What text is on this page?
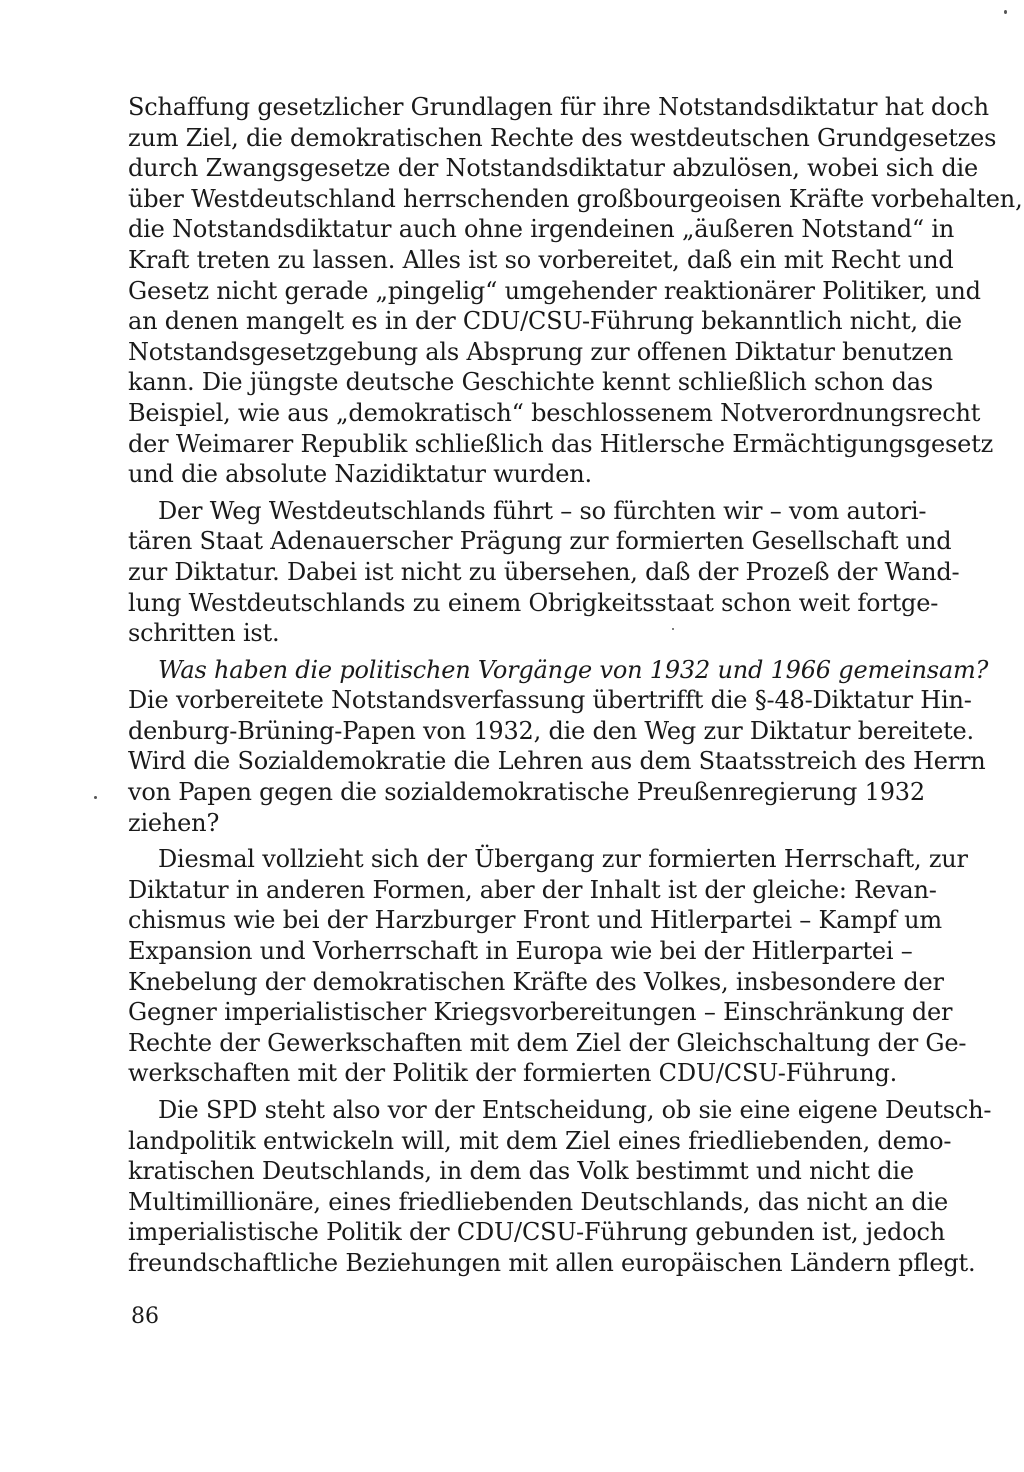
Schaffung gesetzlicher Grundlagen für ihre Notstandsdiktatur hat doch
zum Ziel, die demokratischen Rechte des westdeutschen Grundgesetzes
durch Zwangsgesetze der Notstandsdiktatur abzulösen, wobei sich die
über Westdeutschland herrschenden großbourgeoisen Kräfte vorbehalten,
die Notstandsdiktatur auch ohne irgendeinen „äußeren Notstand“ in
Kraft treten zu lassen. Alles ist so vorbereitet, daß ein mit Recht und
Gesetz nicht gerade „pingelig“ umgehender reaktionärer Politiker, und
an denen mangelt es in der CDU/CSU-Führung bekanntlich nicht, die
Notstandsgesetzgebung als Absprung zur offenen Diktatur benutzen
kann. Die jüngste deutsche Geschichte kennt schließlich schon das
Beispiel, wie aus „demokratisch“ beschlossenem Notverordnungsrecht
der Weimarer Republik schließlich das Hitlersche Ermächtigungsgesetz
und die absolute Nazidiktatur wurden.

Der Weg Westdeutschlands führt – so fürchten wir – vom autori-
tären Staat Adenauerscher Prägung zur formierten Gesellschaft und
zur Diktatur. Dabei ist nicht zu übersehen, daß der Prozeß der Wand-
lung Westdeutschlands zu einem Obrigkeitsstaat schon weit fortge-
schritten ist.

Was haben die politischen Vorgänge von 1932 und 1966 gemeinsam?
Die vorbereitete Notstandsverfassung übertrifft die §-48-Diktatur Hin-
denburg-Brüning-Papen von 1932, die den Weg zur Diktatur bereitete.
Wird die Sozialdemokratie die Lehren aus dem Staatsstreich des Herrn
von Papen gegen die sozialdemokratische Preußenregierung 1932
ziehen?

Diesmal vollzieht sich der Übergang zur formierten Herrschaft, zur
Diktatur in anderen Formen, aber der Inhalt ist der gleiche: Revan-
chismus wie bei der Harzburger Front und Hitlerpartei – Kampf um
Expansion und Vorherrschaft in Europa wie bei der Hitlerpartei –
Knebelung der demokratischen Kräfte des Volkes, insbesondere der
Gegner imperialistischer Kriegsvorbereitungen – Einschränkung der
Rechte der Gewerkschaften mit dem Ziel der Gleichschaltung der Ge-
werkschaften mit der Politik der formierten CDU/CSU-Führung.

Die SPD steht also vor der Entscheidung, ob sie eine eigene Deutsch-
landpolitik entwickeln will, mit dem Ziel eines friedliebenden, demo-
kratischen Deutschlands, in dem das Volk bestimmt und nicht die
Multimillionäre, eines friedliebenden Deutschlands, das nicht an die
imperialistische Politik der CDU/CSU-Führung gebunden ist, jedoch
freundschaftliche Beziehungen mit allen europäischen Ländern pflegt.

86
